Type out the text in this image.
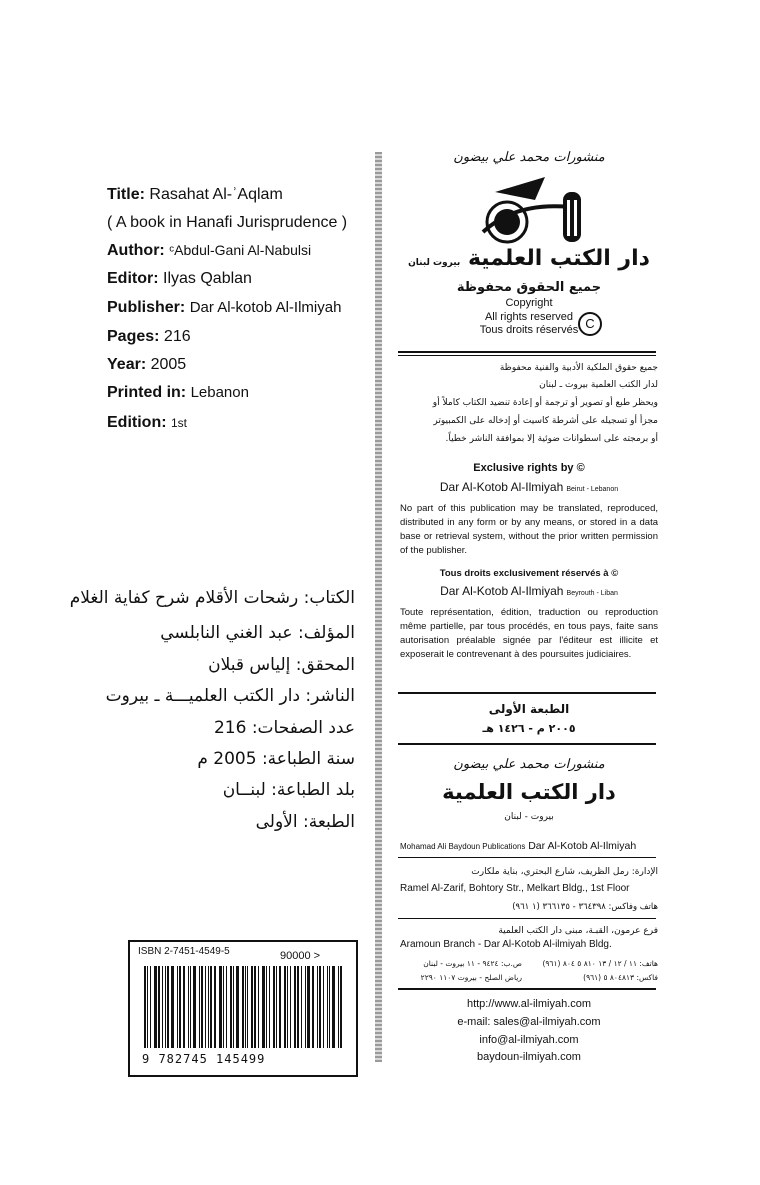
Title: Rasahat Al-ʾAqlam
( A book in Hanafi Jurisprudence )
Author: ᶜAbdul-Gani Al-Nabulsi
Editor: Ilyas Qablan
Publisher: Dar Al-kotob Al-Ilmiyah
Pages: 216
Year: 2005
Printed in: Lebanon
Edition: 1st
الكتاب: رشحات الأقلام شرح كفاية الغلام
المؤلف: عبد الغني النابلسي
المحقق: إلياس قبلان
الناشر: دار الكتب العلميـــة ـ بيروت
عدد الصفحات: 216
سنة الطباعة: 2005 م
بلد الطباعة: لبنــان
الطبعة: الأولى
ISBN 2-7451-4549-5	90000 >
9 782745 145499
منشورات محمد علي بيضون
دار الكتب العلمية بيروت لبنان
جميع الحقوق محفوظة
Copyright
All rights reserved
Tous droits réservés C
جميع حقوق الملكية الأدبية والفنية محفوظة
لدار الكتب العلمية بيروت ـ لبنان
ويحظر طبع أو تصوير أو ترجمة أو إعادة تنضيد الكتاب كاملاً أو
مجزأ أو تسجيله على أشرطة كاسيت أو إدخاله على الكمبيوتر
أو برمجته على اسطوانات ضوئية إلا بموافقة الناشر خطياً.
Exclusive rights by ©
Dar Al-Kotob Al-Ilmiyah Beirut - Lebanon
No part of this publication may be translated, reproduced, distributed in any form or by any means, or stored in a data base or retrieval system, without the prior written permission of the publisher.
Tous droits exclusivement réservés à ©
Dar Al-Kotob Al-Ilmiyah Beyrouth - Liban
Toute représentation, édition, traduction ou reproduction même partielle, par tous procédés, en tous pays, faite sans autorisation préalable signée par l'éditeur est illicite et exposerait le contrevenant à des poursuites judiciaires.
الطبعة الأولى
٢٠٠٥ م - ١٤٢٦ هـ
منشورات محمد علي بيضون
دار الكتب العلمية
بيروت - لبنان
Mohamad Ali Baydoun Publications Dar Al-Kotob Al-Ilmiyah
الإدارة: رمل الظريف، شارع البحتري، بناية ملكارت
Ramel Al-Zarif, Bohtory Str., Melkart Bldg., 1st Floor
هاتف وفاكس: ٣٦٤٣٩٨ - ٣٦٦١٣٥ (١ ٩٦١)
فرع عرمون، القبـة، مبنى دار الكتب العلمية
Aramoun Branch - Dar Al-Kotob Al-ilmiyah Bldg.
ص.ب: ٩٤٢٤ - ١١ بيروت - لبنان
رياض الصلح - بيروت ١١٠٧ ٢٢٩٠
هاتف: ١١ / ١٢ / ١٣ ٨١٠ ٥ ٨٠٤ (٩٦١)
فاكس: ٨٠٤٨١٣ ٥ (٩٦١)
http://www.al-ilmiyah.com
e-mail: sales@al-ilmiyah.com
info@al-ilmiyah.com
baydoun-ilmiyah.com
